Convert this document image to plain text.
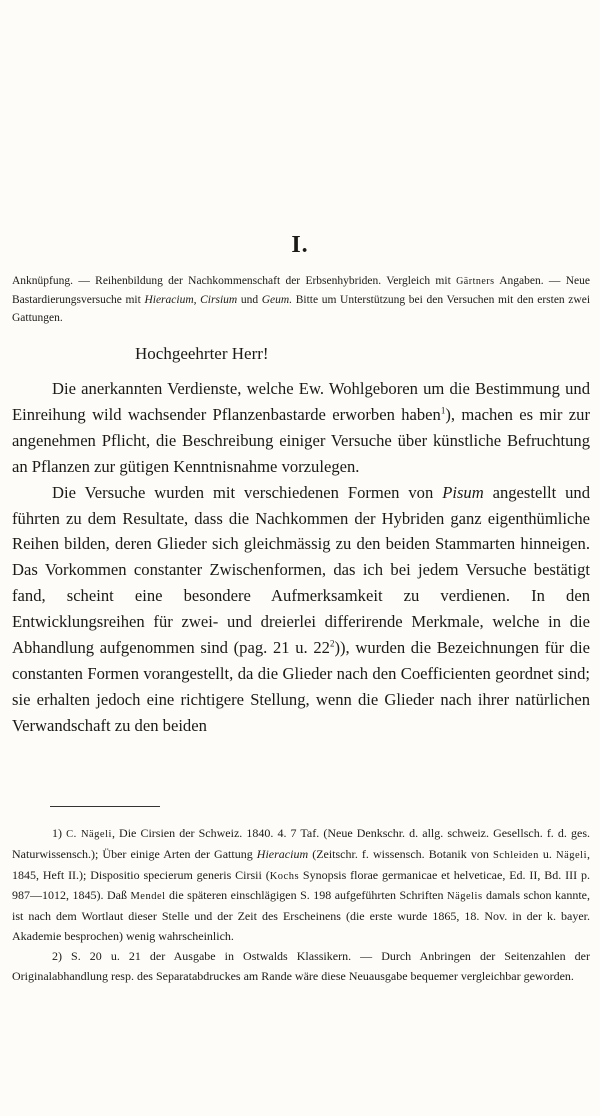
I.
Anknüpfung. — Reihenbildung der Nachkommenschaft der Erbsenhybriden. Vergleich mit Gärtners Angaben. — Neue Bastardierungsversuche mit Hieracium, Cirsium und Geum. Bitte um Unterstützung bei den Versuchen mit den ersten zwei Gattungen.
Hochgeehrter Herr!

Die anerkannten Verdienste, welche Ew. Wohlgeboren um die Bestimmung und Einreihung wild wachsender Pflanzenbastarde erworben haben$^1$), machen es mir zur angenehmen Pflicht, die Beschreibung einiger Versuche über künstliche Befruchtung an Pflanzen zur gütigen Kenntnisnahme vorzulegen.

Die Versuche wurden mit verschiedenen Formen von Pisum angestellt und führten zu dem Resultate, dass die Nachkommen der Hybriden ganz eigenthümliche Reihen bilden, deren Glieder sich gleichmässig zu den beiden Stammarten hinneigen. Das Vorkommen constanter Zwischenformen, das ich bei jedem Versuche bestätigt fand, scheint eine besondere Aufmerksamkeit zu verdienen. In den Entwicklungsreihen für zwei- und dreierlei differirende Merkmale, welche in die Abhandlung aufgenommen sind (pag. 21 u. $22^2$)), wurden die Bezeichnungen für die constanten Formen vorangestellt, da die Glieder nach den Coefficienten geordnet sind; sie erhalten jedoch eine richtigere Stellung, wenn die Glieder nach ihrer natürlichen Verwandschaft zu den beiden

1) C. Nägeli, Die Cirsien der Schweiz. 1840. 4. 7 Taf. (Neue Denkschr. d. allg. schweiz. Gesellsch. f. d. ges. Naturwissensch.); Über einige Arten der Gattung Hieracium (Zeitschr. f. wissensch. Botanik von Schleiden u. Nägeli, 1845, Heft II.); Dispositio specierum generis Cirsii (Kochs Synopsis florae germanicae et helveticae, Ed. II, Bd. III p. 987—1012, 1845). Daß Mendel die späteren einschlägigen S. 198 aufgeführten Schriften Nägelis damals schon kannte, ist nach dem Wortlaut dieser Stelle und der Zeit des Erscheinens (die erste wurde 1865, 18. Nov. in der k. bayer. Akademie besprochen) wenig wahrscheinlich.

2) S. 20 u. 21 der Ausgabe in Ostwalds Klassikern. — Durch Anbringen der Seitenzahlen der Originalabhandlung resp. des Separatabdruckes am Rande wäre diese Neuausgabe bequemer vergleichbar geworden.
